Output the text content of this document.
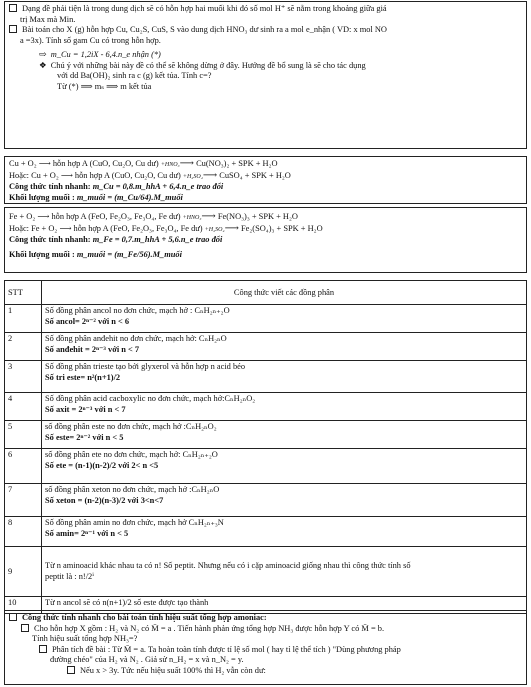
Dạng đề phải tiện là trong dung dịch sẽ có hỗn hợp hai muối khi đó số mol H⁺ sẽ nằm trong khoảng giữa giá
trị Max mà Min.
Bài toán cho X (g) hỗn hợp Cu, Cu₂S, CuS, S vào dung dịch HNO₃ dư sinh ra a mol e_nhận ( VD: x mol NO
a =3x). Tính số gam Cu có trong hỗn hợp.
⇨ m_Cu = 1,2iX - 6,4.n_e nhận (*)
❖ Chú ý với những bài này đề có thể sẽ không dừng ở đây. Hướng đề bổ sung là sẽ cho tác dụng
với dd Ba(OH)₂ sinh ra c (g) kết tủa. Tính c=?
Từ (*) ⟹ mₛ ⟹ m kết tủa
Cu + O₂ ⟶ hỗn hợp A (CuO, Cu₂O, Cu dư) +HNO₃⟶ Cu(NO₃)₂ + SPK + H₂O
Hoặc: Cu + O₂ ⟶ hỗn hợp A (CuO, Cu₂O, Cu dư) +H₂SO₄⟶ CuSO₄ + SPK + H₂O
Công thức tính nhanh: m_Cu = 0,8.m_hhA + 6,4.n_e trao đổi
Khối lượng muối : m_muối = (m_Cu/64).M_muối
Fe + O₂ ⟶ hỗn hợp A (FeO, Fe₂O₃, Fe₃O₄, Fe dư) +HNO₃⟶ Fe(NO₃)₃ + SPK + H₂O
Hoặc: Fe + O₂ ⟶ hỗn hợp A (FeO, Fe₂O₃, Fe₃O₄, Fe dư) +H₂SO₄⟶ Fe₂(SO₄)₃ + SPK + H₂O
Công thức tính nhanh: m_Fe = 0,7.m_hhA + 5,6.n_e trao đổi
Khối lượng muối : m_muối = (m_Fe/56).M_muối
STT	Công thức viết các đồng phân
1	Số đồng phân ancol no đơn chức, mạch hở : CₙH₂ₙ₊₂O
Số ancol= 2ⁿ⁻² với n < 6

2	Số đồng phân anđehit no đơn chức, mạch hở: CₙH₂ₙO
Số anđehit = 2ⁿ⁻³ với n < 7

3	Số đồng phân trieste tạo bởi glyxerol và hỗn hợp n acid béo
Số tri este= n²(n+1)/2

4	Số đồng phân acid cacboxylic no đơn chức, mạch hở:CₙH₂ₙO₂
Số axit = 2ⁿ⁻³ với n < 7

5	số đồng phân este no đơn chức, mạch hở :CₙH₂ₙO₂
Số este= 2ⁿ⁻² với n < 5

6	số đồng phân ete no đơn chức, mạch hở: CₙH₂ₙ₊₂O
Số ete = (n-1)(n-2)/2 với 2< n <5

7	số đồng phân xeton no đơn chức, mạch hở :CₙH₂ₙO
Số xeton = (n-2)(n-3)/2 với 3<n<7

8	Số đồng phân amin no đơn chức, mạch hở CₙH₂ₙ₊₃N
Số amin= 2ⁿ⁻¹ với n < 5

9	Từ n aminoacid khác nhau ta có n! Số peptit. Nhưng nếu có i cặp aminoacid giống nhau thì công thức tính số
peptit là : n!/2ⁱ

10	Từ n ancol sẽ có n(n+1)/2 số este được tạo thành
Công thức tính nhanh cho bài toán tính hiệu suất tổng hợp amoniac:
Cho hỗn hợp X gồm : H₂ và N₂ có M̄ = a . Tiến hành phản ứng tổng hợp NH₃ được hỗn hợp Y có M̄ = b.
Tính hiệu suất tổng hợp NH₃=?
Phân tích đề bài : Từ M̄ = a. Ta hoàn toàn tính được tỉ lệ số mol ( hay tỉ lệ thể tích ) "Dùng phương pháp
đường chéo" của H₂ và N₂ . Giả sử n_H₂ = x và n_N₂ = y.
Nếu x > 3y. Tức nếu hiệu suất 100% thì H₂ vẫn còn dư:
